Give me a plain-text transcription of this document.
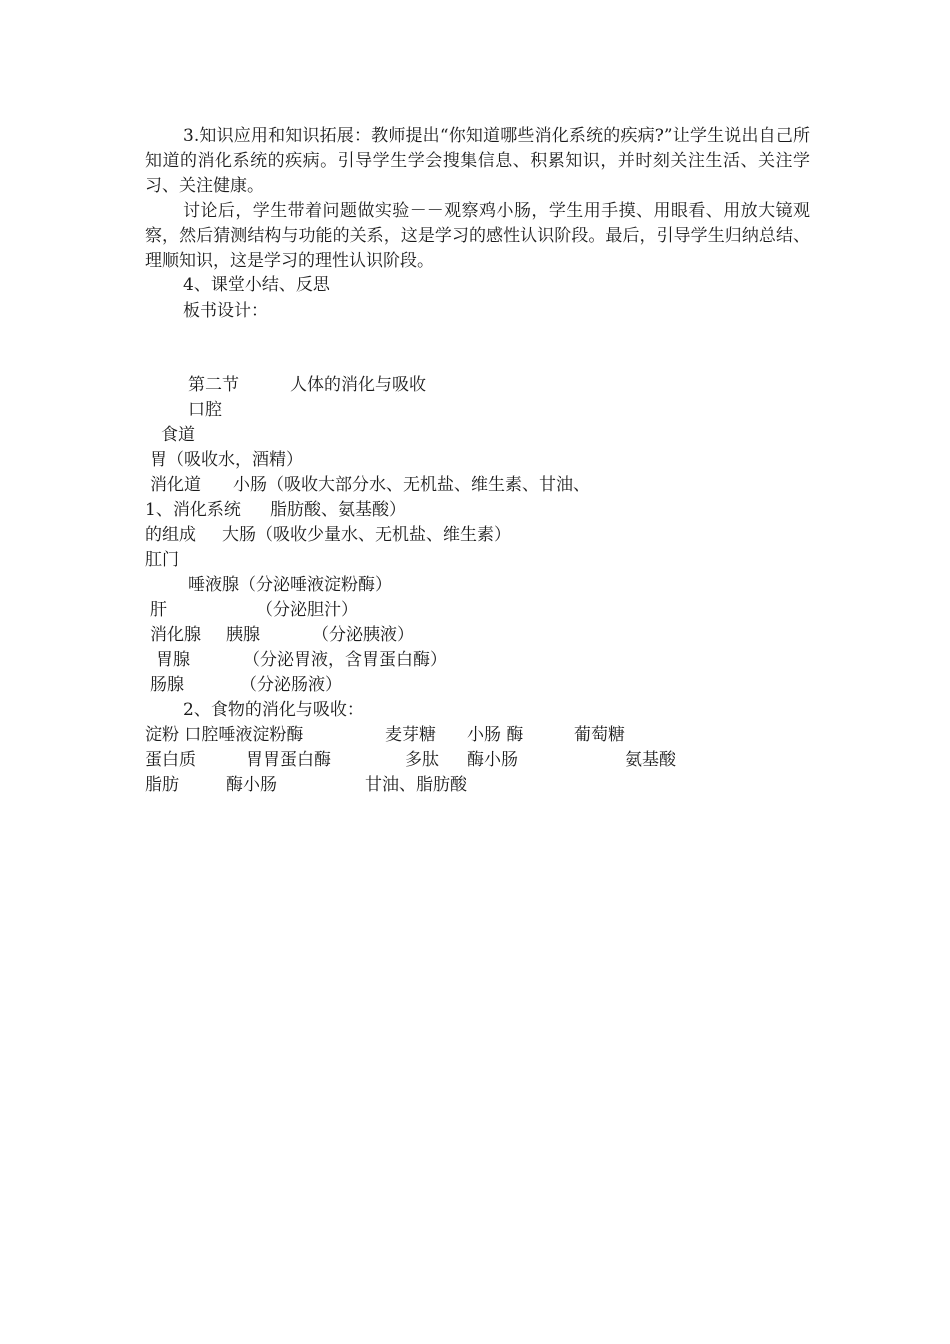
3.知识应用和知识拓展：教师提出“你知道哪些消化系统的疾病?”让学生说出自己所知道的消化系统的疾病。引导学生学会搜集信息、积累知识，并时刻关注生活、关注学习、关注健康。

讨论后，学生带着问题做实验－－观察鸡小肠，学生用手摸、用眼看、用放大镜观察，然后猜测结构与功能的关系，这是学习的感性认识阶段。最后，引导学生归纳总结、理顺知识，这是学习的理性认识阶段。

4、课堂小结、反思
板书设计：
第二节	人体的消化与吸收
口腔
食道
胃（吸收水，酒精）
消化道 小肠（吸收大部分水、无机盐、维生素、甘油、
1、消化系统 脂肪酸、氨基酸）
的组成 大肠（吸收少量水、无机盐、维生素）
肛门
唾液腺（分泌唾液淀粉酶）
肝	（分泌胆汁）
消化腺 胰腺	（分泌胰液）
胃腺	（分泌胃液，含胃蛋白酶）
肠腺	（分泌肠液）
2、食物的消化与吸收：
淀粉 口腔唾液淀粉酶	麦芽糖 小肠 酶	葡萄糖
蛋白质	胃胃蛋白酶	多肽 酶小肠	氨基酸
脂肪	酶小肠	甘油、脂肪酸
